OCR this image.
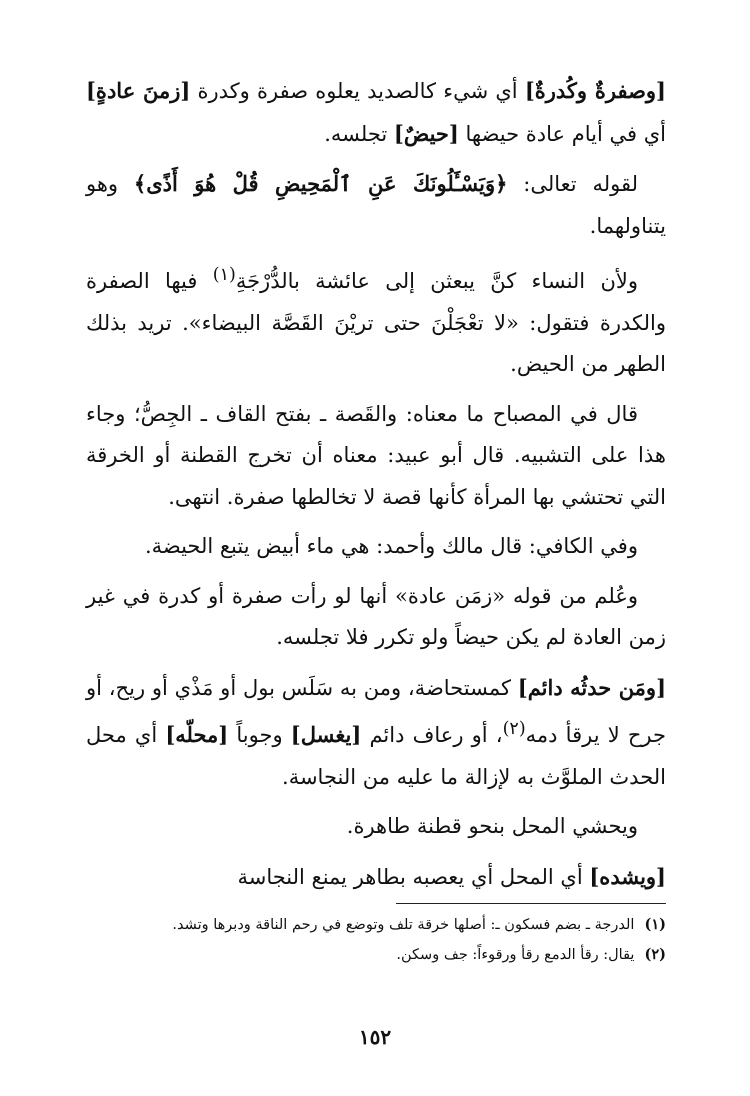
[وصفرةٌ وكُدرةٌ] أي شيء كالصديد يعلوه صفرة وكدرة [زمنَ عادةٍ] أي في أيام عادة حيضها [حيضٌ] تجلسه.

لقوله تعالى: ﴿وَيَسْـَٔلُونَكَ عَنِ ٱلْمَحِيضِ قُلْ هُوَ أَذًى﴾ وهو يتناولهما.

ولأن النساء كنَّ يبعثن إلى عائشة بالدُّرْجَةِ$^{(١)}$ فيها الصفرة والكدرة فتقول: «لا تعْجَلْنَ حتى تريْنَ القَصَّة البيضاء». تريد بذلك الطهر من الحيض.

قال في المصباح ما معناه: والقَصة ـ بفتح القاف ـ الجِصُّ؛ وجاء هذا على التشبيه. قال أبو عبيد: معناه أن تخرج القطنة أو الخرقة التي تحتشي بها المرأة كأنها قصة لا تخالطها صفرة. انتهى.

وفي الكافي: قال مالك وأحمد: هي ماء أبيض يتبع الحيضة.

وعُلم من قوله «زمَن عادة» أنها لو رأت صفرة أو كدرة في غير زمن العادة لم يكن حيضاً ولو تكرر فلا تجلسه.

[ومَن حدثُه دائم] كمستحاضة، ومن به سَلَس بول أو مَذْي أو ريح، أو جرح لا يرقأ دمه$^{(٢)}$، أو رعاف دائم [يغسل] وجوباً [محلّه] أي محل الحدث الملوَّث به لإزالة ما عليه من النجاسة.

ويحشي المحل بنحو قطنة طاهرة.

[ويشده] أي المحل أي يعصبه بطاهر يمنع النجاسة

(١)الدرجة ـ بضم فسكون ـ: أصلها خرقة تلف وتوضع في رحم الناقة ودبرها وتشد.
(٢)يقال: رقأ الدمع رقأ ورقوءاً: جف وسكن.
١٥٢
